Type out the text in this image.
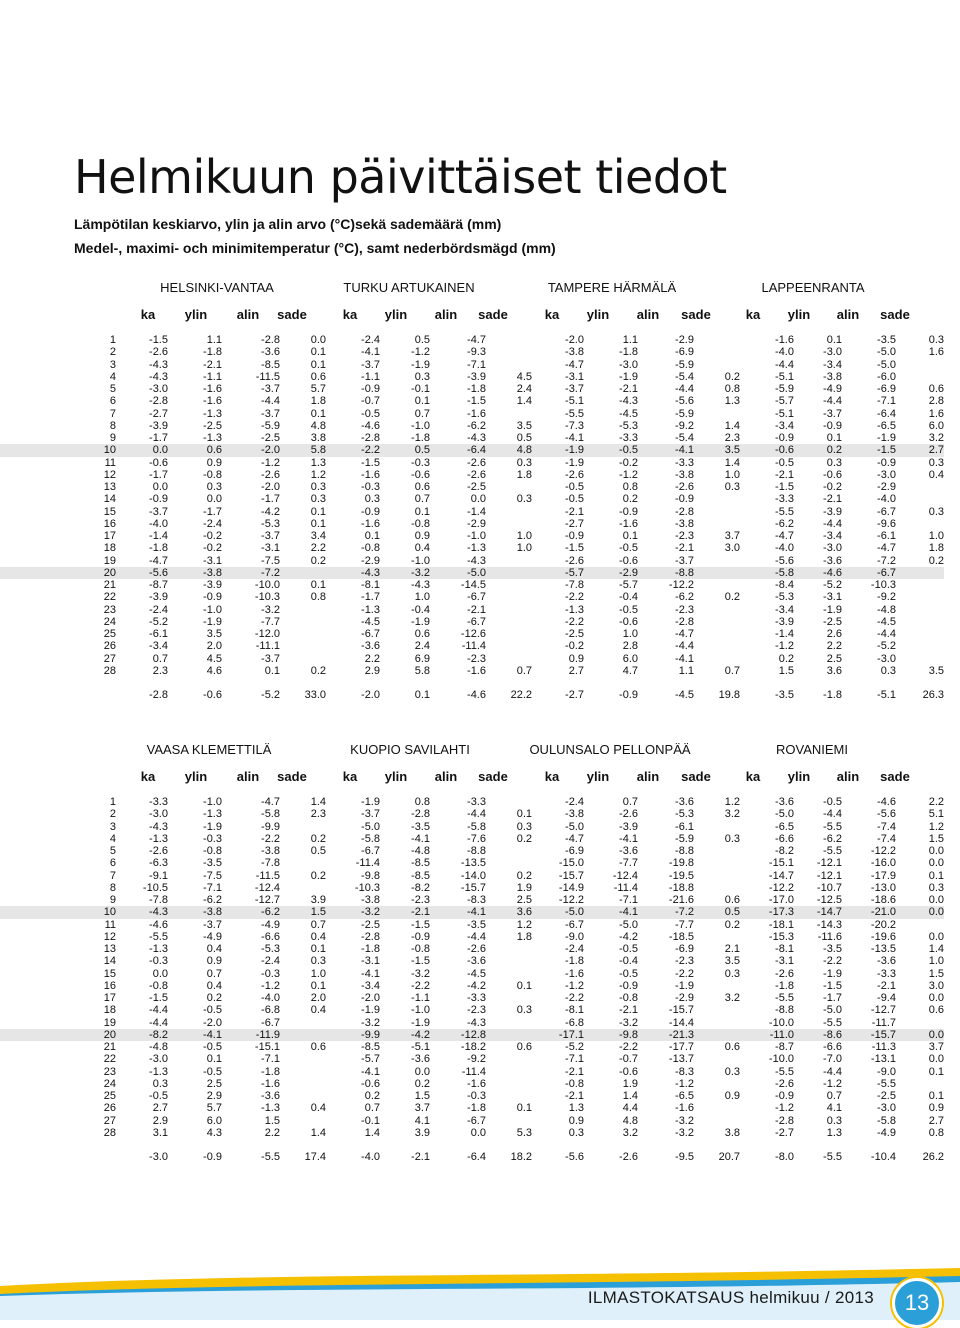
Helmikuun päivittäiset tiedot
Lämpötilan keskiarvo, ylin ja alin arvo (°C)sekä sademäärä (mm)
Medel-, maximi- och minimitemperatur (°C), samt nederbördsmägd (mm)
HELSINKI-VANTAA	TURKU ARTUKAINEN	TAMPERE HÄRMÄLÄ	LAPPEENRANTA
ka ylin alin sade	ka ylin alin sade	ka ylin alin sade	ka ylin alin sade
1	-1.5	1.1	-2.8	0.0	-2.4	0.5	-4.7		-2.0	1.1	-2.9		-1.6	0.1	-3.5	0.3
2	-2.6	-1.8	-3.6	0.1	-4.1	-1.2	-9.3		-3.8	-1.8	-6.9		-4.0	-3.0	-5.0	1.6
3	-4.3	-2.1	-8.5	0.1	-3.7	-1.9	-7.1		-4.7	-3.0	-5.9		-4.4	-3.4	-5.0	
4	-4.3	-1.1	-11.5	0.6	-1.1	0.3	-3.9	4.5	-3.1	-1.9	-5.4	0.2	-5.1	-3.8	-6.0	
5	-3.0	-1.6	-3.7	5.7	-0.9	-0.1	-1.8	2.4	-3.7	-2.1	-4.4	0.8	-5.9	-4.9	-6.9	0.6
6	-2.8	-1.6	-4.4	1.8	-0.7	0.1	-1.5	1.4	-5.1	-4.3	-5.6	1.3	-5.7	-4.4	-7.1	2.8
7	-2.7	-1.3	-3.7	0.1	-0.5	0.7	-1.6		-5.5	-4.5	-5.9		-5.1	-3.7	-6.4	1.6
8	-3.9	-2.5	-5.9	4.8	-4.6	-1.0	-6.2	3.5	-7.3	-5.3	-9.2	1.4	-3.4	-0.9	-6.5	6.0
9	-1.7	-1.3	-2.5	3.8	-2.8	-1.8	-4.3	0.5	-4.1	-3.3	-5.4	2.3	-0.9	0.1	-1.9	3.2
10	0.0	0.6	-2.0	5.8	-2.2	0.5	-6.4	4.8	-1.9	-0.5	-4.1	3.5	-0.6	0.2	-1.5	2.7
11	-0.6	0.9	-1.2	1.3	-1.5	-0.3	-2.6	0.3	-1.9	-0.2	-3.3	1.4	-0.5	0.3	-0.9	0.3
12	-1.7	-0.8	-2.6	1.2	-1.6	-0.6	-2.6	1.8	-2.6	-1.2	-3.8	1.0	-2.1	-0.6	-3.0	0.4
13	0.0	0.3	-2.0	0.3	-0.3	0.6	-2.5		-0.5	0.8	-2.6	0.3	-1.5	-0.2	-2.9	
14	-0.9	0.0	-1.7	0.3	0.3	0.7	0.0	0.3	-0.5	0.2	-0.9		-3.3	-2.1	-4.0	
15	-3.7	-1.7	-4.2	0.1	-0.9	0.1	-1.4		-2.1	-0.9	-2.8		-5.5	-3.9	-6.7	0.3
16	-4.0	-2.4	-5.3	0.1	-1.6	-0.8	-2.9		-2.7	-1.6	-3.8		-6.2	-4.4	-9.6	
17	-1.4	-0.2	-3.7	3.4	0.1	0.9	-1.0	1.0	-0.9	0.1	-2.3	3.7	-4.7	-3.4	-6.1	1.0
18	-1.8	-0.2	-3.1	2.2	-0.8	0.4	-1.3	1.0	-1.5	-0.5	-2.1	3.0	-4.0	-3.0	-4.7	1.8
19	-4.7	-3.1	-7.5	0.2	-2.9	-1.0	-4.3		-2.6	-0.6	-3.7		-5.6	-3.6	-7.2	0.2
20	-5.6	-3.8	-7.2		-4.3	-3.2	-5.0		-5.7	-2.9	-8.8		-5.8	-4.6	-6.7	
21	-8.7	-3.9	-10.0	0.1	-8.1	-4.3	-14.5		-7.8	-5.7	-12.2		-8.4	-5.2	-10.3	
22	-3.9	-0.9	-10.3	0.8	-1.7	1.0	-6.7		-2.2	-0.4	-6.2	0.2	-5.3	-3.1	-9.2	
23	-2.4	-1.0	-3.2		-1.3	-0.4	-2.1		-1.3	-0.5	-2.3		-3.4	-1.9	-4.8	
24	-5.2	-1.9	-7.7		-4.5	-1.9	-6.7		-2.2	-0.6	-2.8		-3.9	-2.5	-4.5	
25	-6.1	3.5	-12.0		-6.7	0.6	-12.6		-2.5	1.0	-4.7		-1.4	2.6	-4.4	
26	-3.4	2.0	-11.1		-3.6	2.4	-11.4		-0.2	2.8	-4.4		-1.2	2.2	-5.2	
27	0.7	4.5	-3.7		2.2	6.9	-2.3		0.9	6.0	-4.1		0.2	2.5	-3.0	
28	2.3	4.6	0.1	0.2	2.9	5.8	-1.6	0.7	2.7	4.7	1.1	0.7	1.5	3.6	0.3	3.5

	-2.8	-0.6	-5.2	33.0	-2.0	0.1	-4.6	22.2	-2.7	-0.9	-4.5	19.8	-3.5	-1.8	-5.1	26.3
VAASA KLEMETTILÄ	KUOPIO SAVILAHTI	OULUNSALO PELLONPÄÄ	ROVANIEMI
ka ylin alin sade	ka ylin alin sade	ka ylin alin sade	ka ylin alin sade
1	-3.3	-1.0	-4.7	1.4	-1.9	0.8	-3.3		-2.4	0.7	-3.6	1.2	-3.6	-0.5	-4.6	2.2
2	-3.0	-1.3	-5.8	2.3	-3.7	-2.8	-4.4	0.1	-3.8	-2.6	-5.3	3.2	-5.0	-4.4	-5.6	5.1
3	-4.3	-1.9	-9.9		-5.0	-3.5	-5.8	0.3	-5.0	-3.9	-6.1		-6.5	-5.5	-7.4	1.2
4	-1.3	-0.3	-2.2	0.2	-5.8	-4.1	-7.6	0.2	-4.7	-4.1	-5.9	0.3	-6.6	-6.2	-7.4	1.5
5	-2.6	-0.8	-3.8	0.5	-6.7	-4.8	-8.8		-6.9	-3.6	-8.8		-8.2	-5.5	-12.2	0.0
6	-6.3	-3.5	-7.8		-11.4	-8.5	-13.5		-15.0	-7.7	-19.8		-15.1	-12.1	-16.0	0.0
7	-9.1	-7.5	-11.5	0.2	-9.8	-8.5	-14.0	0.2	-15.7	-12.4	-19.5		-14.7	-12.1	-17.9	0.1
8	-10.5	-7.1	-12.4		-10.3	-8.2	-15.7	1.9	-14.9	-11.4	-18.8		-12.2	-10.7	-13.0	0.3
9	-7.8	-6.2	-12.7	3.9	-3.8	-2.3	-8.3	2.5	-12.2	-7.1	-21.6	0.6	-17.0	-12.5	-18.6	0.0
10	-4.3	-3.8	-6.2	1.5	-3.2	-2.1	-4.1	3.6	-5.0	-4.1	-7.2	0.5	-17.3	-14.7	-21.0	0.0
11	-4.6	-3.7	-4.9	0.7	-2.5	-1.5	-3.5	1.2	-6.7	-5.0	-7.7	0.2	-18.1	-14.3	-20.2	
12	-5.5	-4.9	-6.6	0.4	-2.8	-0.9	-4.4	1.8	-9.0	-4.2	-18.5		-15.3	-11.6	-19.6	0.0
13	-1.3	0.4	-5.3	0.1	-1.8	-0.8	-2.6		-2.4	-0.5	-6.9	2.1	-8.1	-3.5	-13.5	1.4
14	-0.3	0.9	-2.4	0.3	-3.1	-1.5	-3.6		-1.8	-0.4	-2.3	3.5	-3.1	-2.2	-3.6	1.0
15	0.0	0.7	-0.3	1.0	-4.1	-3.2	-4.5		-1.6	-0.5	-2.2	0.3	-2.6	-1.9	-3.3	1.5
16	-0.8	0.4	-1.2	0.1	-3.4	-2.2	-4.2	0.1	-1.2	-0.9	-1.9		-1.8	-1.5	-2.1	3.0
17	-1.5	0.2	-4.0	2.0	-2.0	-1.1	-3.3		-2.2	-0.8	-2.9	3.2	-5.5	-1.7	-9.4	0.0
18	-4.4	-0.5	-6.8	0.4	-1.9	-1.0	-2.3	0.3	-8.1	-2.1	-15.7		-8.8	-5.0	-12.7	0.6
19	-4.4	-2.0	-6.7		-3.2	-1.9	-4.3		-6.8	-3.2	-14.4		-10.0	-5.5	-11.7	
20	-8.2	-4.1	-11.9		-9.9	-4.2	-12.8		-17.1	-9.8	-21.3		-11.0	-8.6	-15.7	0.0
21	-4.8	-0.5	-15.1	0.6	-8.5	-5.1	-18.2	0.6	-5.2	-2.2	-17.7	0.6	-8.7	-6.6	-11.3	3.7
22	-3.0	0.1	-7.1		-5.7	-3.6	-9.2		-7.1	-0.7	-13.7		-10.0	-7.0	-13.1	0.0
23	-1.3	-0.5	-1.8		-4.1	0.0	-11.4		-2.1	-0.6	-8.3	0.3	-5.5	-4.4	-9.0	0.1
24	0.3	2.5	-1.6		-0.6	0.2	-1.6		-0.8	1.9	-1.2		-2.6	-1.2	-5.5	
25	-0.5	2.9	-3.6		0.2	1.5	-0.3		-2.1	1.4	-6.5	0.9	-0.9	0.7	-2.5	0.1
26	2.7	5.7	-1.3	0.4	0.7	3.7	-1.8	0.1	1.3	4.4	-1.6		-1.2	4.1	-3.0	0.9
27	2.9	6.0	1.5		-0.1	4.1	-6.7		0.9	4.8	-3.2		-2.8	0.3	-5.8	2.7
28	3.1	4.3	2.2	1.4	1.4	3.9	0.0	5.3	0.3	3.2	-3.2	3.8	-2.7	1.3	-4.9	0.8

	-3.0	-0.9	-5.5	17.4	-4.0	-2.1	-6.4	18.2	-5.6	-2.6	-9.5	20.7	-8.0	-5.5	-10.4	26.2
ILMASTOKATSAUS helmikuu / 2013	13
